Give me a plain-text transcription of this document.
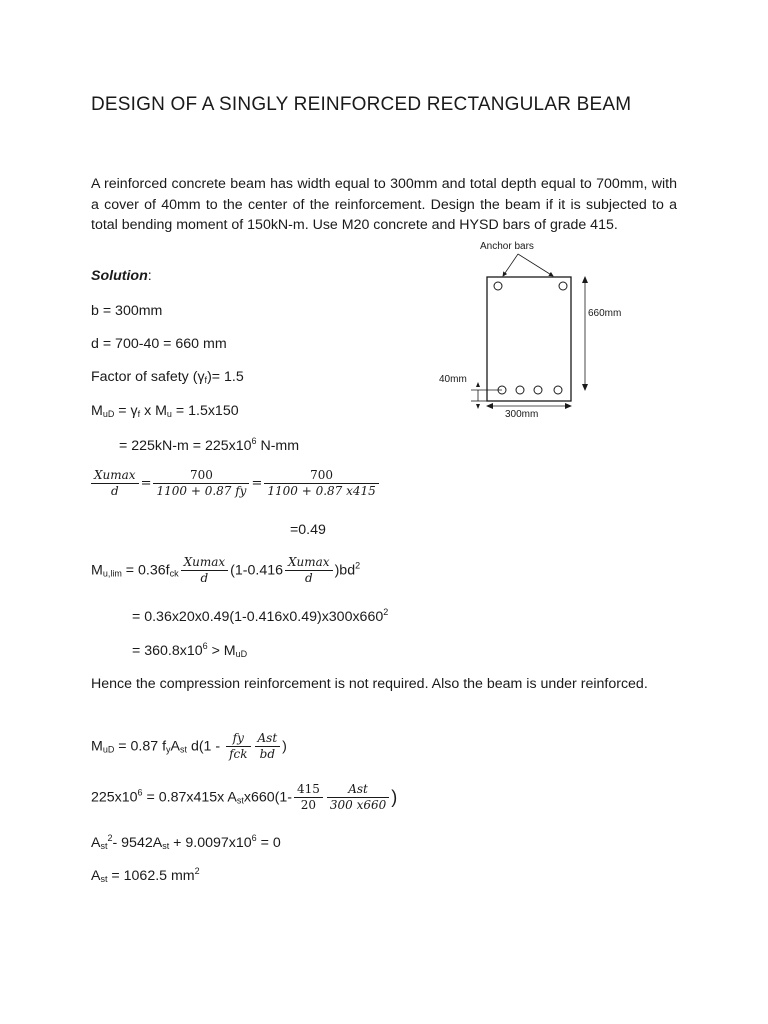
DESIGN OF A SINGLY REINFORCED RECTANGULAR BEAM
A reinforced concrete beam has width equal to 300mm and total depth equal to 700mm, with a cover of 40mm to the center of the reinforcement. Design the beam if it is subjected to a total bending moment of 150kN-m. Use M20 concrete and HYSD bars of grade 415.
Solution:
b = 300mm
d = 700-40 = 660 mm
Factor of safety $(\gamma_f)= 1.5$
$M_{uD} = \gamma_f$ x $M_u = 1.5x150$
= $225kN-m = 225x10^6$ N-mm
$\frac{Xumax}{d} = \frac{700}{1100 + 0.87 fy} = \frac{700}{1100 + 0.87 x415}$
=0.49
$M_{u,lim} = 0.36f_{ck} \frac{Xumax}{d} (1-0.416 \frac{Xumax}{d} )bd^2$
= $0.36x20x0.49(1-0.416x0.49)x300x660^2$
= $360.8x10^6 > M_{uD}$
Hence the compression reinforcement is not required. Also the beam is under reinforced.
$M_{uD} = 0.87$ $f_yA_{st}$ $d(1 - \frac{fy}{\text{fck}} \frac{\text{Ast}}{bd}$ )
$225x10^6 = 0.87x415x$ $A_{st}x660(1- \frac{415}{20} \frac{\text{Ast}}{300 x660}$ )
$A_{st}^2-$ $9542A_{st} + 9.0097x10^6 = 0$
$A_{st} = 1062.5$ $mm^2$
Anchor bars
660mm
40mm
300mm
